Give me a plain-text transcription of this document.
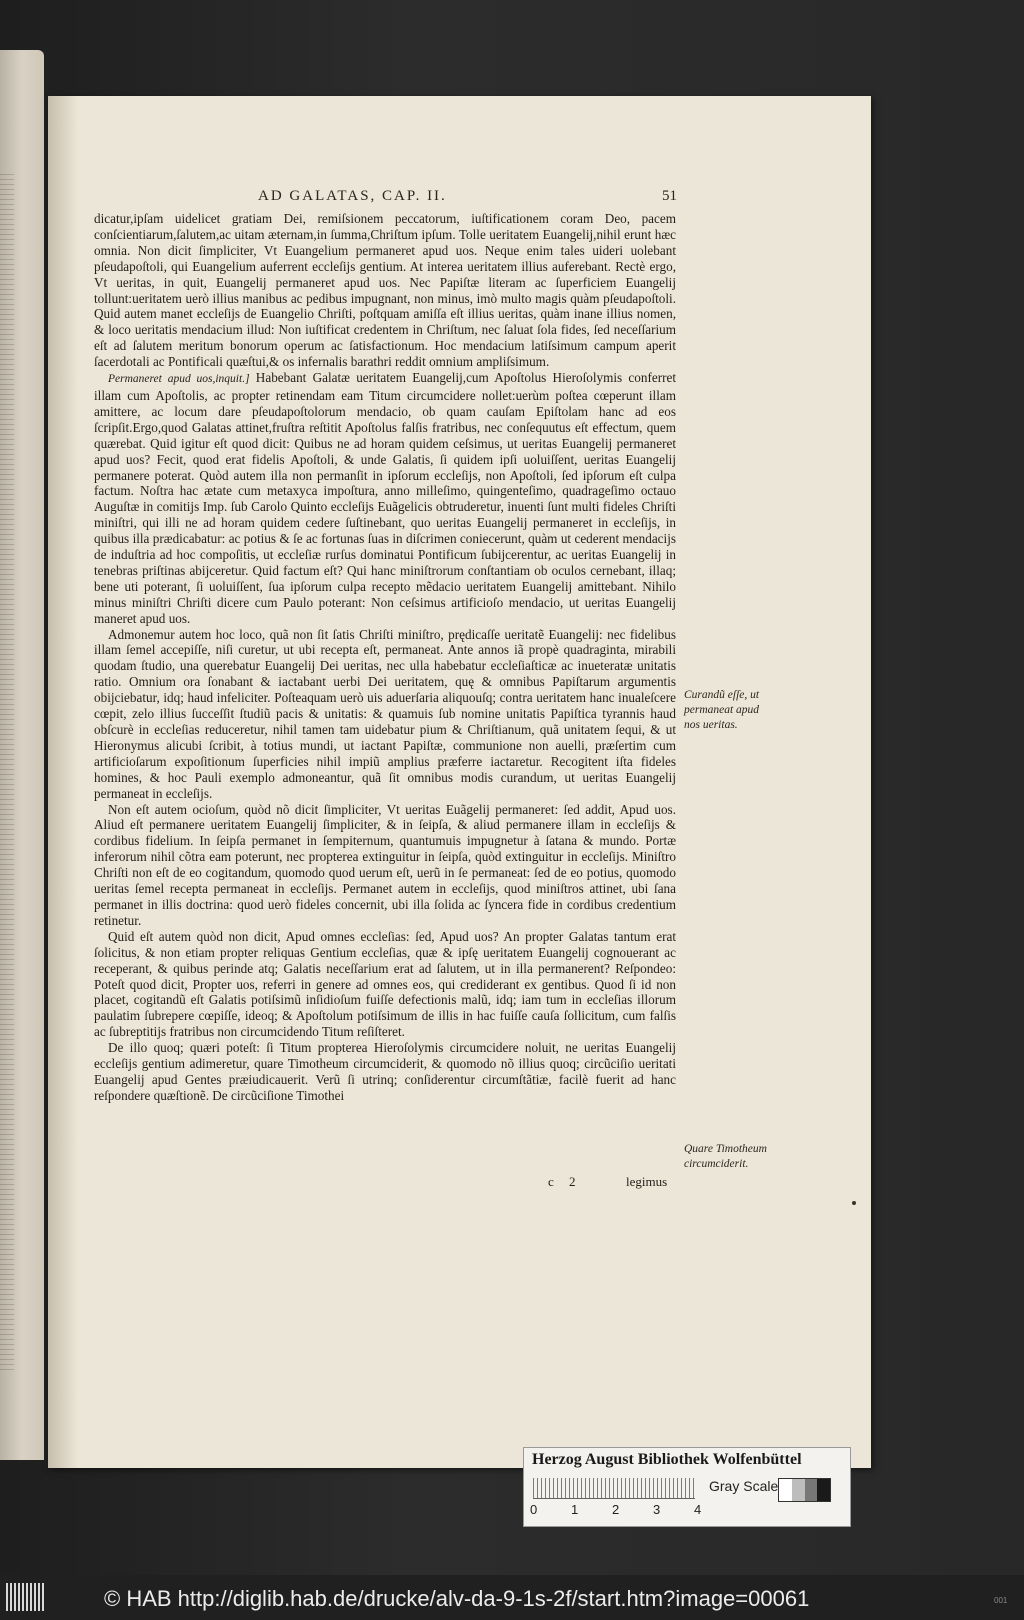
AD GALATAS, CAP. II.	51

dicatur,ipſam uidelicet gratiam Dei, remiſsionem peccatorum, iuſtificationem coram Deo, pacem conſcientiarum,ſalutem,ac uitam æternam,in ſumma,Chriſtum ipſum. Tolle ueritatem Euangelij,nihil erunt hæc omnia. Non dicit ſimpliciter, Vt Euangelium permaneret apud uos. Neque enim tales uideri uolebant pſeudapoſtoli, qui Euangelium auferrent eccleſijs gentium. At interea ueritatem illius auferebant. Rectè ergo, Vt ueritas, in quit, Euangelij permaneret apud uos. Nec Papiſtæ literam ac ſuperficiem Euangelij tollunt:ueritatem uerò illius manibus ac pedibus impugnant, non minus, imò multo magis quàm pſeudapoſtoli. Quid autem manet eccleſijs de Euangelio Chriſti, poſtquam amiſſa eſt illius ueritas, quàm inane illius nomen, & loco ueritatis mendacium illud: Non iuſtificat credentem in Chriſtum, nec ſaluat ſola fides, ſed neceſſarium eſt ad ſalutem meritum bonorum operum ac ſatisfactionum. Hoc mendacium latiſsimum campum aperit ſacerdotali ac Pontificali quæſtui,& os infernalis barathri reddit omnium ampliſsimum.

Permaneret apud uos,inquit.] Habebant Galatæ ueritatem Euangelij,cum Apoſtolus Hieroſolymis conferret illam cum Apoſtolis, ac propter retinendam eam Titum circumcidere nollet:uerùm poſtea cœperunt illam amittere, ac locum dare pſeudapoſtolorum mendacio, ob quam cauſam Epiſtolam hanc ad eos ſcripſit.Ergo,quod Galatas attinet,fruſtra reſtitit Apoſtolus falſis fratribus, nec conſequutus eſt effectum, quem quærebat. Quid igitur eſt quod dicit: Quibus ne ad horam quidem ceſsimus, ut ueritas Euangelij permaneret apud uos? Fecit, quod erat fidelis Apoſtoli, & unde Galatis, ſi quidem ipſi uoluiſſent, ueritas Euangelij permanere poterat. Quòd autem illa non permanſit in ipſorum eccleſijs, non Apoſtoli, ſed ipſorum eſt culpa factum. Noſtra hac ætate cum metaxyca impoſtura, anno milleſimo, quingenteſimo, quadrageſimo octauo Auguſtæ in comitijs Imp. ſub Carolo Quinto eccleſijs Euãgelicis obtruderetur, inuenti ſunt multi fideles Chriſti miniſtri, qui illi ne ad horam quidem cedere ſuſtinebant, quo ueritas Euangelij permaneret in eccleſijs, in quibus illa prædicabatur: ac potius & ſe ac fortunas ſuas in diſcrimen coniecerunt, quàm ut cederent mendacijs de induſtria ad hoc compoſitis, ut eccleſiæ rurſus dominatui Pontificum ſubijcerentur, ac ueritas Euangelij in tenebras priſtinas abijceretur. Quid factum eſt? Qui hanc miniſtrorum conſtantiam ob oculos cernebant, illaq; bene uti poterant, ſi uoluiſſent, ſua ipſorum culpa recepto mẽdacio ueritatem Euangelij amittebant. Nihilo minus miniſtri Chriſti dicere cum Paulo poterant: Non ceſsimus artificioſo mendacio, ut ueritas Euangelij maneret apud uos.

Admonemur autem hoc loco, quã non ſit ſatis Chriſti miniſtro, prędicaſſe ueritatẽ Euangelij: nec fidelibus illam ſemel accepiſſe, niſi curetur, ut ubi recepta eſt, permaneat. Ante annos iã propè quadraginta, mirabili quodam ſtudio, una querebatur Euangelij Dei ueritas, nec ulla habebatur eccleſiaſticæ ac inueteratæ unitatis ratio. Omnium ora ſonabant & iactabant uerbi Dei ueritatem, quę & omnibus Papiſtarum argumentis obijciebatur, idq; haud infeliciter. Poſteaquam uerò uis aduerſaria aliquouſq; contra ueritatem hanc inualeſcere cœpit, zelo illius ſucceſſit ſtudiũ pacis & unitatis: & quamuis ſub nomine unitatis Papiſtica tyrannis haud obſcurè in eccleſias reduceretur, nihil tamen tam uidebatur pium & Chriſtianum, quã unitatem ſequi, & ut Hieronymus alicubi ſcribit, à totius mundi, ut iactant Papiſtæ, communione non auelli, præſertim cum artificioſarum expoſitionum ſuperficies nihil impiũ amplius præferre iactaretur. Recogitent iſta fideles homines, & hoc Pauli exemplo admoneantur, quã ſit omnibus modis curandum, ut ueritas Euangelij permaneat in eccleſijs.

Non eſt autem ocioſum, quòd nõ dicit ſimpliciter, Vt ueritas Euãgelij permaneret: ſed addit, Apud uos. Aliud eſt permanere ueritatem Euangelij ſimpliciter, & in ſeipſa, & aliud permanere illam in eccleſijs & cordibus fidelium. In ſeipſa permanet in ſempiternum, quantumuis impugnetur à ſatana & mundo. Portæ inferorum nihil cõtra eam poterunt, nec propterea extinguitur in ſeipſa, quòd extinguitur in eccleſijs. Miniſtro Chriſti non eſt de eo cogitandum, quomodo quod uerum eſt, uerũ in ſe permaneat: ſed de eo potius, quomodo ueritas ſemel recepta permaneat in eccleſijs. Permanet autem in eccleſijs, quod miniſtros attinet, ubi ſana permanet in illis doctrina: quod uerò fideles concernit, ubi illa ſolida ac ſyncera fide in cordibus credentium retinetur.

Quid eſt autem quòd non dicit, Apud omnes eccleſias: ſed, Apud uos? An propter Galatas tantum erat ſolicitus, & non etiam propter reliquas Gentium eccleſias, quæ & ipſę ueritatem Euangelij cognouerant ac receperant, & quibus perinde atq; Galatis neceſſarium erat ad ſalutem, ut in illa permanerent? Reſpondeo: Poteſt quod dicit, Propter uos, referri in genere ad omnes eos, qui crediderant ex gentibus. Quod ſi id non placet, cogitandũ eſt Galatis potiſsimũ inſidioſum fuiſſe defectionis malũ, idq; iam tum in eccleſias illorum paulatim ſubrepere cœpiſſe, ideoq; & Apoſtolum potiſsimum de illis in hac fuiſſe cauſa ſollicitum, cum falſis ac ſubreptitijs fratribus non circumcidendo Titum reſiſteret.

De illo quoq; quæri poteſt: ſi Titum propterea Hieroſolymis circumcidere noluit, ne ueritas Euangelij eccleſijs gentium adimeretur, quare Timotheum circumciderit, & quomodo nõ illius quoq; circũciſio ueritati Euangelij apud Gentes præiudicauerit. Verũ ſi utrinq; conſiderentur circumſtãtiæ, facilè fuerit ad hanc reſpondere quæſtionẽ. De circũciſione Timothei

Curandũ eſſe, ut permaneat apud nos ueritas.
Quare Timotheum circumciderit.
c 2	legimus
Herzog August Bibliothek Wolfenbüttel
0	1	2	3	4
Gray Scale
© HAB http://diglib.hab.de/drucke/alv-da-9-1s-2f/start.htm?image=00061	001
